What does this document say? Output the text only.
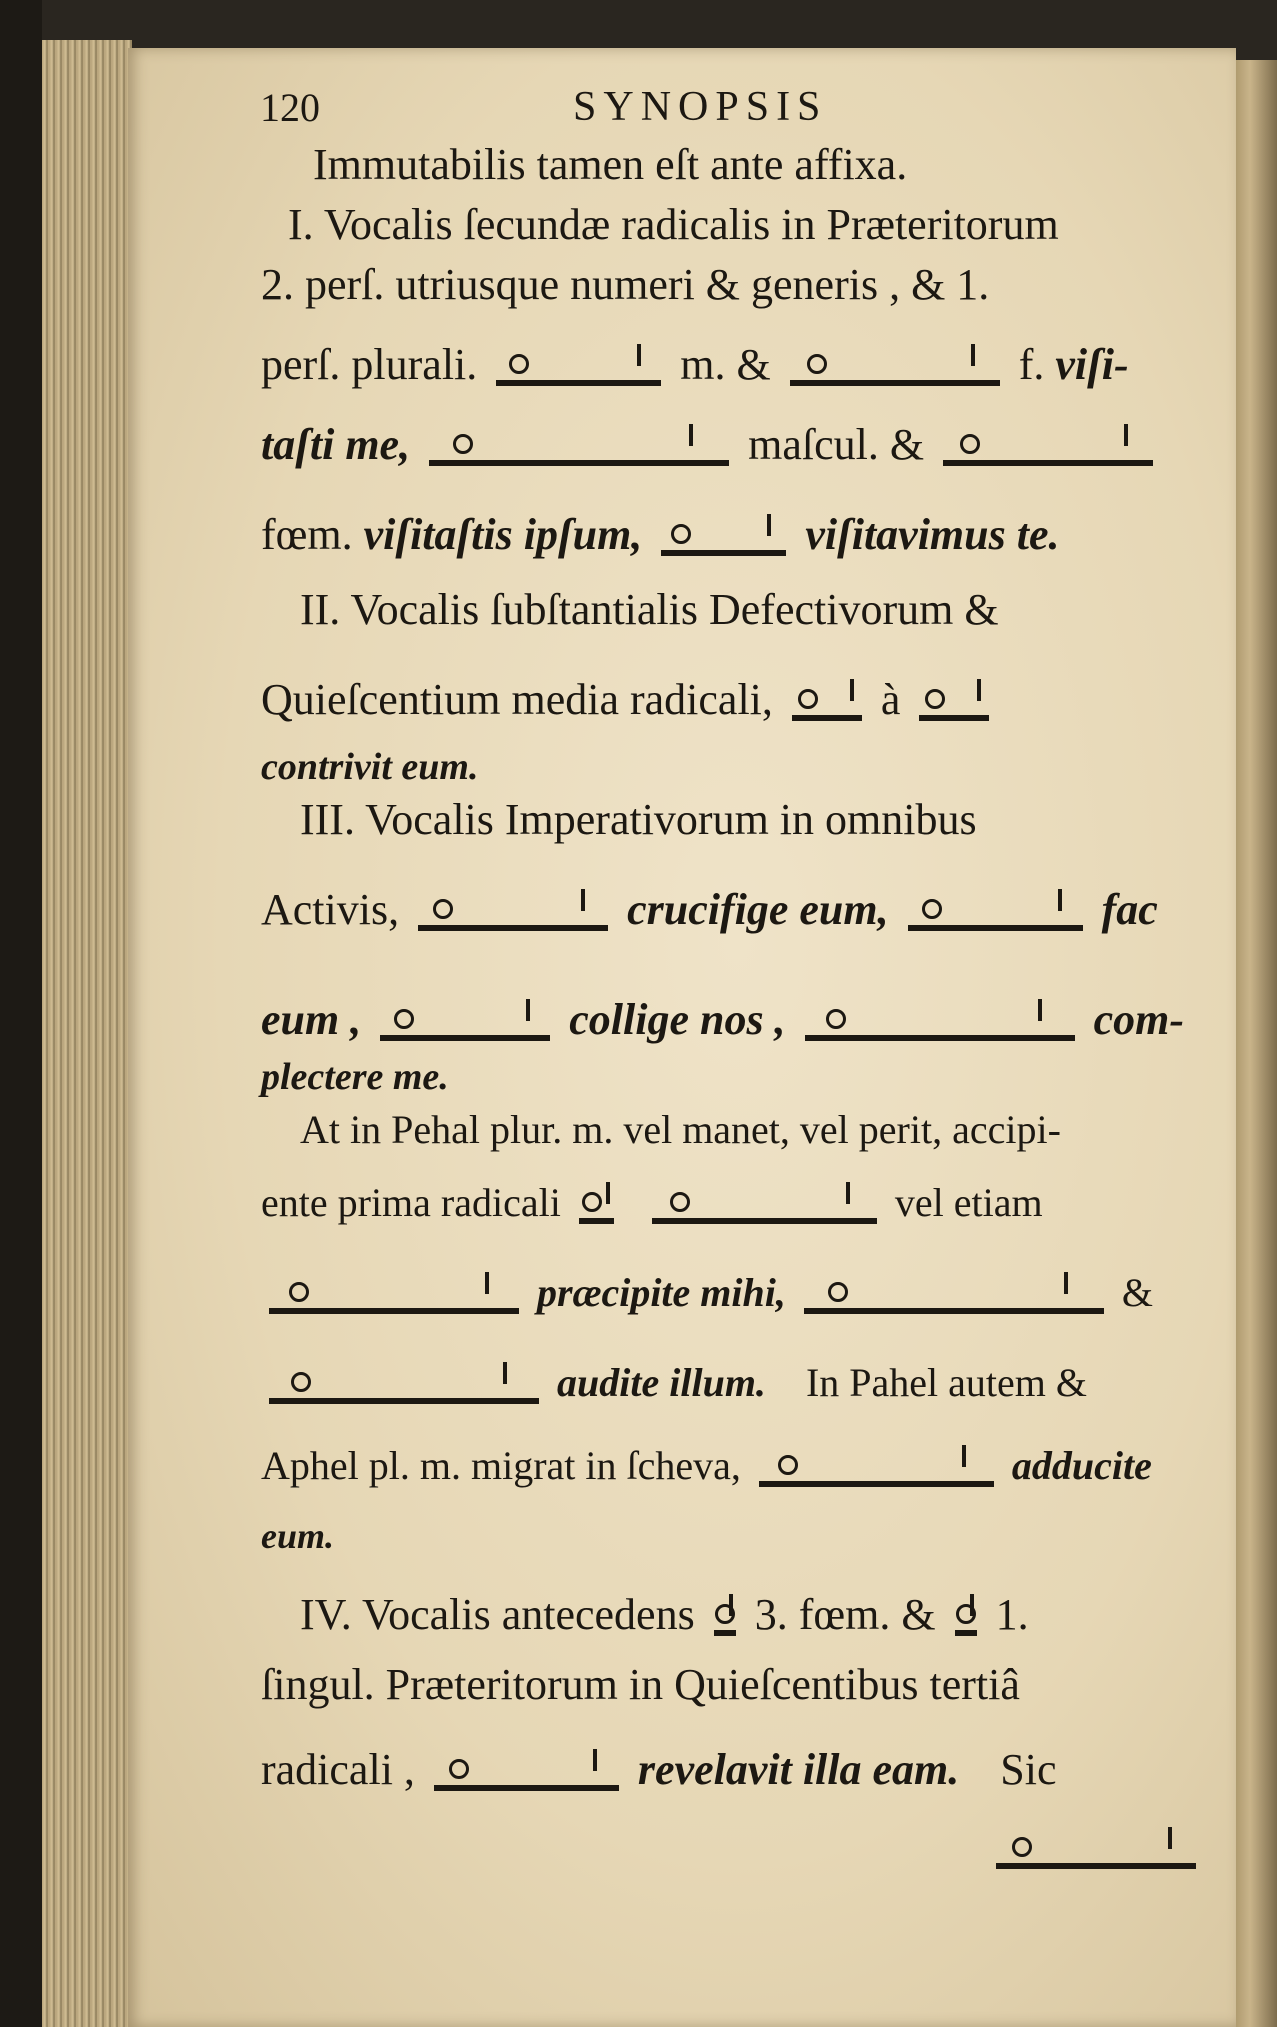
120	SYNOPSIS
Immutabilis tamen eſt ante affixa.
I. Vocalis ſecundæ radicalis in Præteritorum
2. perſ. utriusque numeri & generis , & 1.
perſ. plurali.	m. &	f. viſi-
taſti me,	maſcul. &
fœm. viſitaſtis ipſum,	viſitavimus te.
II. Vocalis ſubſtantialis Defectivorum &
Quieſcentium media radicali, à
contrivit eum.
III. Vocalis Imperativorum in omnibus
Activis,	crucifige eum,	fac
eum ,	collige nos ,	com-
plectere me.
At in Pehal plur. m. vel manet, vel perit, accipi-
ente prima radicali	vel etiam
præcipite mihi,	&
audite illum. In Pahel autem &
Aphel pl. m. migrat in ſcheva,	adducite
eum.
IV. Vocalis antecedens 3. fœm. & 1.
ſingul. Præteritorum in Quieſcentibus tertiâ
radicali ,	revelavit illa eam. Sic
